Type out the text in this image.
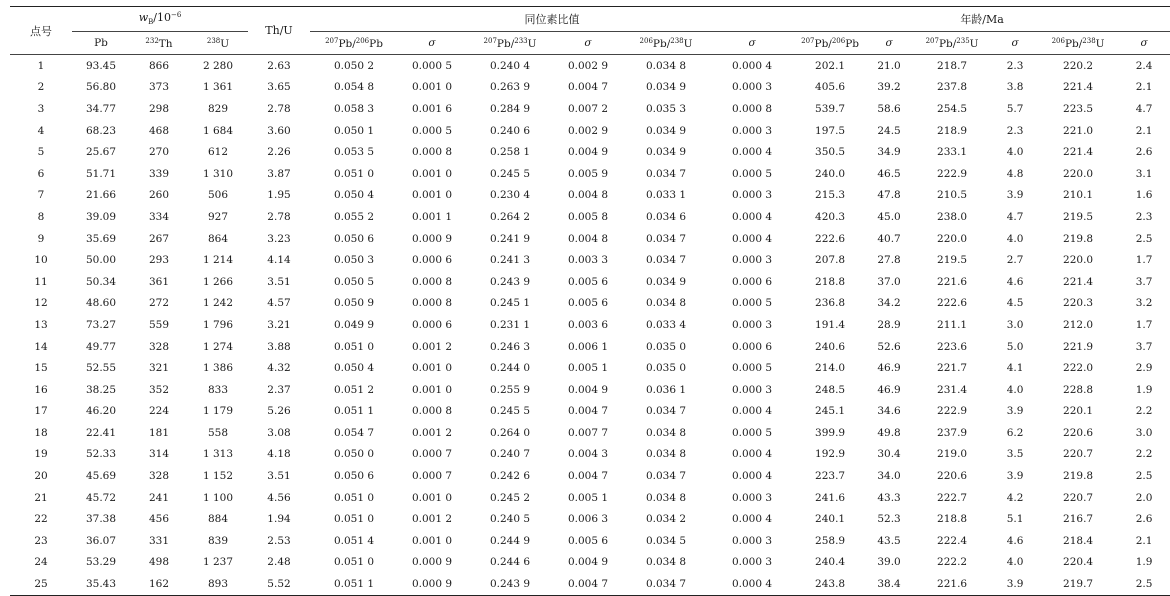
点号	$w_B/10^{-6}$			Th/U	同位素比值						年龄/Ma					
	Pb	$^{232}$Th	$^{238}$U		$^{207}$Pb/$^{206}$Pb	σ	$^{207}$Pb/$^{233}$U	σ	$^{206}$Pb/$^{238}$U	σ	$^{207}$Pb/$^{206}$Pb	σ	$^{207}$Pb/$^{235}$U	σ	$^{206}$Pb/$^{238}$U	σ
1	93.45	866	2 280	2.63	0.050 2	0.000 5	0.240 4	0.002 9	0.034 8	0.000 4	202.1	21.0	218.7	2.3	220.2	2.4
2	56.80	373	1 361	3.65	0.054 8	0.001 0	0.263 9	0.004 7	0.034 9	0.000 3	405.6	39.2	237.8	3.8	221.4	2.1
3	34.77	298	829	2.78	0.058 3	0.001 6	0.284 9	0.007 2	0.035 3	0.000 8	539.7	58.6	254.5	5.7	223.5	4.7
4	68.23	468	1 684	3.60	0.050 1	0.000 5	0.240 6	0.002 9	0.034 9	0.000 3	197.5	24.5	218.9	2.3	221.0	2.1
5	25.67	270	612	2.26	0.053 5	0.000 8	0.258 1	0.004 9	0.034 9	0.000 4	350.5	34.9	233.1	4.0	221.4	2.6
6	51.71	339	1 310	3.87	0.051 0	0.001 0	0.245 5	0.005 9	0.034 7	0.000 5	240.0	46.5	222.9	4.8	220.0	3.1
7	21.66	260	506	1.95	0.050 4	0.001 0	0.230 4	0.004 8	0.033 1	0.000 3	215.3	47.8	210.5	3.9	210.1	1.6
8	39.09	334	927	2.78	0.055 2	0.001 1	0.264 2	0.005 8	0.034 6	0.000 4	420.3	45.0	238.0	4.7	219.5	2.3
9	35.69	267	864	3.23	0.050 6	0.000 9	0.241 9	0.004 8	0.034 7	0.000 4	222.6	40.7	220.0	4.0	219.8	2.5
10	50.00	293	1 214	4.14	0.050 3	0.000 6	0.241 3	0.003 3	0.034 7	0.000 3	207.8	27.8	219.5	2.7	220.0	1.7
11	50.34	361	1 266	3.51	0.050 5	0.000 8	0.243 9	0.005 6	0.034 9	0.000 6	218.8	37.0	221.6	4.6	221.4	3.7
12	48.60	272	1 242	4.57	0.050 9	0.000 8	0.245 1	0.005 6	0.034 8	0.000 5	236.8	34.2	222.6	4.5	220.3	3.2
13	73.27	559	1 796	3.21	0.049 9	0.000 6	0.231 1	0.003 6	0.033 4	0.000 3	191.4	28.9	211.1	3.0	212.0	1.7
14	49.77	328	1 274	3.88	0.051 0	0.001 2	0.246 3	0.006 1	0.035 0	0.000 6	240.6	52.6	223.6	5.0	221.9	3.7
15	52.55	321	1 386	4.32	0.050 4	0.001 0	0.244 0	0.005 1	0.035 0	0.000 5	214.0	46.9	221.7	4.1	222.0	2.9
16	38.25	352	833	2.37	0.051 2	0.001 0	0.255 9	0.004 9	0.036 1	0.000 3	248.5	46.9	231.4	4.0	228.8	1.9
17	46.20	224	1 179	5.26	0.051 1	0.000 8	0.245 5	0.004 7	0.034 7	0.000 4	245.1	34.6	222.9	3.9	220.1	2.2
18	22.41	181	558	3.08	0.054 7	0.001 2	0.264 0	0.007 7	0.034 8	0.000 5	399.9	49.8	237.9	6.2	220.6	3.0
19	52.33	314	1 313	4.18	0.050 0	0.000 7	0.240 7	0.004 3	0.034 8	0.000 4	192.9	30.4	219.0	3.5	220.7	2.2
20	45.69	328	1 152	3.51	0.050 6	0.000 7	0.242 6	0.004 7	0.034 7	0.000 4	223.7	34.0	220.6	3.9	219.8	2.5
21	45.72	241	1 100	4.56	0.051 0	0.001 0	0.245 2	0.005 1	0.034 8	0.000 3	241.6	43.3	222.7	4.2	220.7	2.0
22	37.38	456	884	1.94	0.051 0	0.001 2	0.240 5	0.006 3	0.034 2	0.000 4	240.1	52.3	218.8	5.1	216.7	2.6
23	36.07	331	839	2.53	0.051 4	0.001 0	0.244 9	0.005 6	0.034 5	0.000 3	258.9	43.5	222.4	4.6	218.4	2.1
24	53.29	498	1 237	2.48	0.051 0	0.000 9	0.244 6	0.004 9	0.034 8	0.000 3	240.4	39.0	222.2	4.0	220.4	1.9
25	35.43	162	893	5.52	0.051 1	0.000 9	0.243 9	0.004 7	0.034 7	0.000 4	243.8	38.4	221.6	3.9	219.7	2.5
